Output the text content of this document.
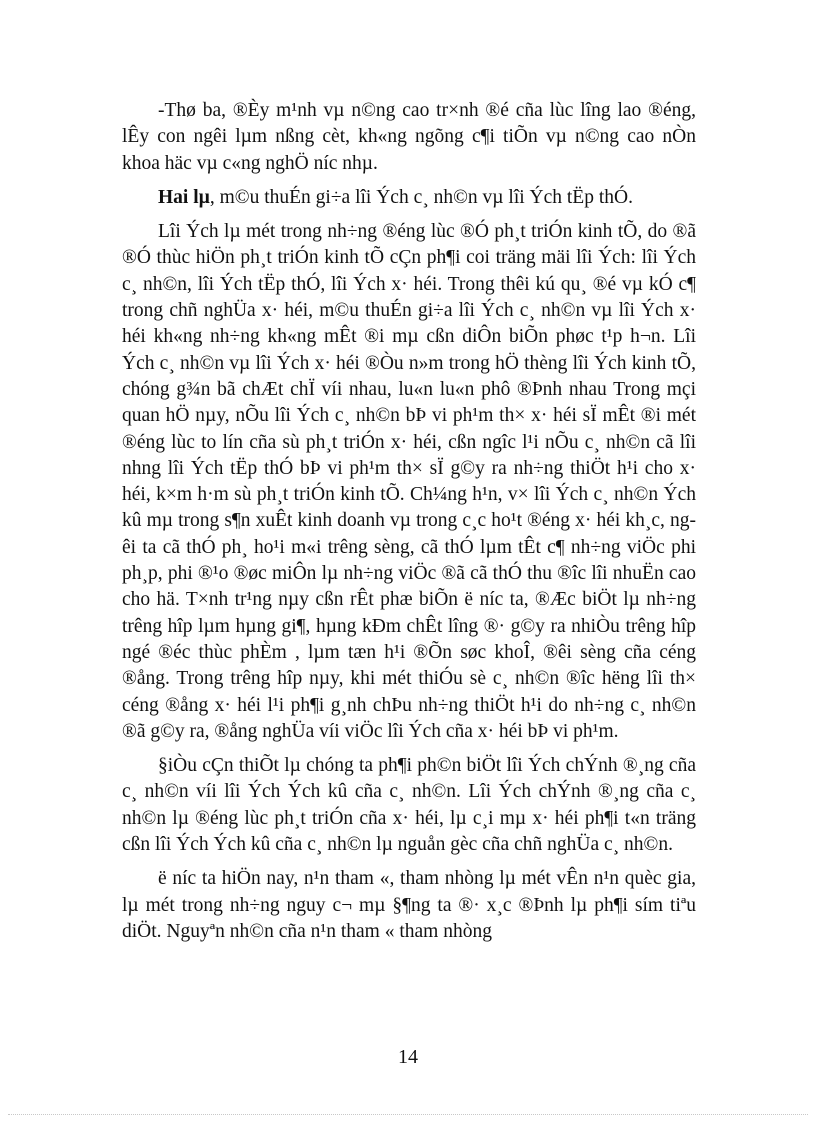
-Thø ba, ®Èy m¹nh vµ n©ng cao tr×nh ®é cña lùc lîng lao ®éng, lÊy con ngêi lµm nßng cèt, kh«ng ngõng c¶i tiÕn vµ n©ng cao nÒn khoa häc vµ c«ng nghÖ níc nhµ.

Hai lµ, m©u thuÉn gi÷a lîi Ých c¸ nh©n vµ lîi Ých tËp thÓ.

Lîi Ých lµ mét trong nh÷ng ®éng lùc ®Ó ph¸t triÓn kinh tÕ, do ®ã ®Ó thùc hiÖn ph¸t triÓn kinh tÕ cÇn ph¶i coi träng mäi lîi Ých: lîi Ých c¸ nh©n, lîi Ých tËp thÓ, lîi Ých x· héi. Trong thêi kú qu¸ ®é vµ kÓ c¶ trong chñ nghÜa x· héi, m©u thuÉn gi÷a lîi Ých c¸ nh©n vµ lîi Ých x· héi kh«ng nh÷ng kh«ng mÊt ®i mµ cßn diÔn biÕn phøc t¹p h¬n. Lîi Ých c¸ nh©n vµ lîi Ých x· héi ®Òu n»m trong hÖ thèng lîi Ých kinh tÕ, chóng g¾n bã chÆt chÏ víi nhau, lu«n lu«n phô ®Þnh nhau Trong mçi quan hÖ nµy, nÕu lîi Ých c¸ nh©n bÞ vi ph¹m th× x· héi sÏ mÊt ®i mét ®éng lùc to lín cña sù ph¸t triÓn x· héi, cßn ngîc l¹i nÕu c¸ nh©n cã lîi nhng lîi Ých tËp thÓ bÞ vi ph¹m th× sÏ g©y ra nh÷ng thiÖt h¹i cho x· héi, k×m h·m sù ph¸t triÓn kinh tÕ. Ch¼ng h¹n, v× lîi Ých c¸ nh©n Ých kû mµ trong s¶n xuÊt kinh doanh vµ trong c¸c ho¹t ®éng x· héi kh¸c, ngêi ta cã thÓ ph¸ ho¹i m«i trêng sèng, cã thÓ lµm tÊt c¶ nh÷ng viÖc phi ph¸p, phi ®¹o ®øc miÔn lµ nh÷ng viÖc ®ã cã thÓ thu ®îc lîi nhuËn cao cho hä. T×nh tr¹ng nµy cßn rÊt phæ biÕn ë níc ta, ®Æc biÖt lµ nh÷ng trêng hîp lµm hµng gi¶, hµng kÐm chÊt lîng ®· g©y ra nhiÒu trêng hîp ngé ®éc thùc phÈm , lµm tæn h¹i ®Õn søc khoÎ, ®êi sèng cña céng ®ång. Trong trêng hîp nµy, khi mét thiÓu sè c¸ nh©n ®îc hëng lîi th× céng ®ång x· héi l¹i ph¶i g¸nh chÞu nh÷ng thiÖt h¹i do nh÷ng c¸ nh©n ®ã g©y ra, ®ång nghÜa víi viÖc lîi Ých cña x· héi bÞ vi ph¹m.

§iÒu cÇn thiÕt lµ chóng ta ph¶i ph©n biÖt lîi Ých chÝnh ®¸ng cña c¸ nh©n víi lîi Ých Ých kû cña c¸ nh©n. Lîi Ých chÝnh ®¸ng cña c¸ nh©n lµ ®éng lùc ph¸t triÓn cña x· héi, lµ c¸i mµ x· héi ph¶i t«n träng cßn lîi Ých Ých kû cña c¸ nh©n lµ nguån gèc cña chñ nghÜa c¸ nh©n.

ë níc ta hiÖn nay, n¹n tham «, tham nhòng lµ mét vÊn n¹n quèc gia, lµ mét trong nh÷ng nguy c¬ mµ §¶ng ta ®· x¸c ®Þnh lµ ph¶i sím tiªu diÖt. Nguyªn nh©n cña n¹n tham « tham nhòng

14
